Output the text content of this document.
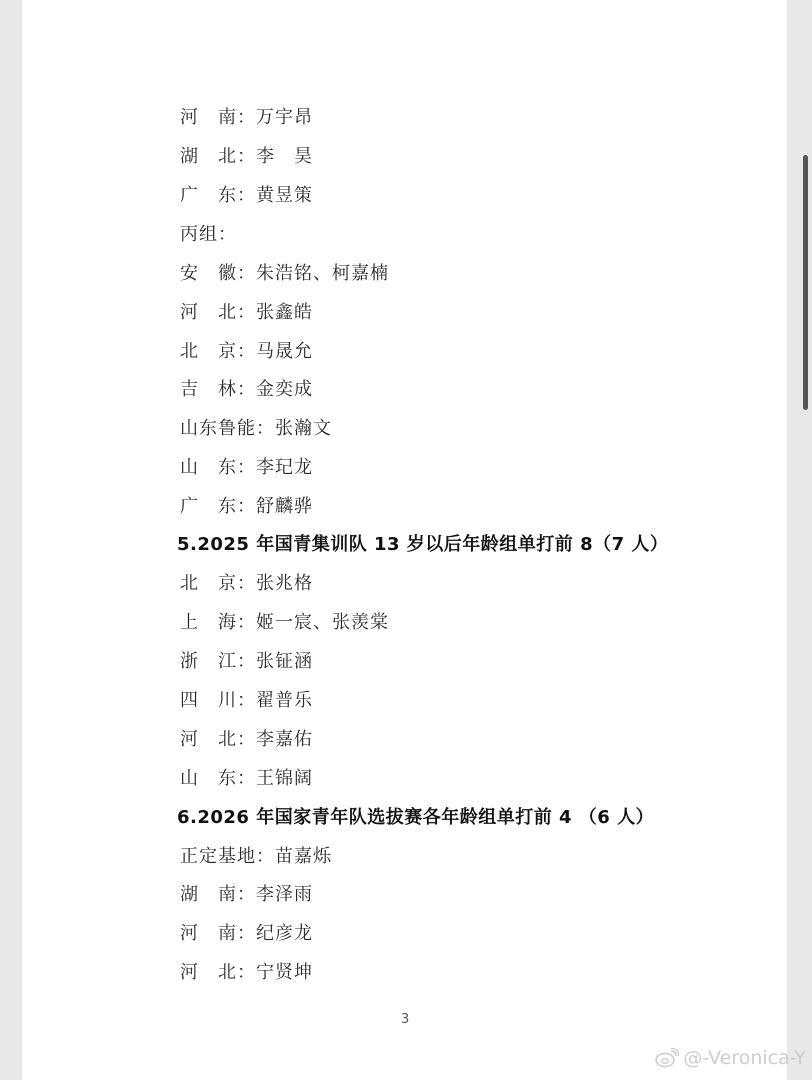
河　南：万宇昂
湖　北：李　昊
广　东：黄昱策
丙组：
安　徽：朱浩铭、柯嘉楠
河　北：张鑫皓
北　京：马晟允
吉　林：金奕成
山东鲁能：张瀚文
山　东：李玘龙
广　东：舒麟骅
5.2025 年国青集训队 13 岁以后年龄组单打前 8（7 人）
北　京：张兆格
上　海：姬一宸、张羡棠
浙　江：张钲涵
四　川：翟普乐
河　北：李嘉佑
山　东：王锦阔
6.2026 年国家青年队选拔赛各年龄组单打前 4 （6 人）
正定基地：苗嘉烁
湖　南：李泽雨
河　南：纪彦龙
河　北：宁贤坤
3
@-Veronica-Y
